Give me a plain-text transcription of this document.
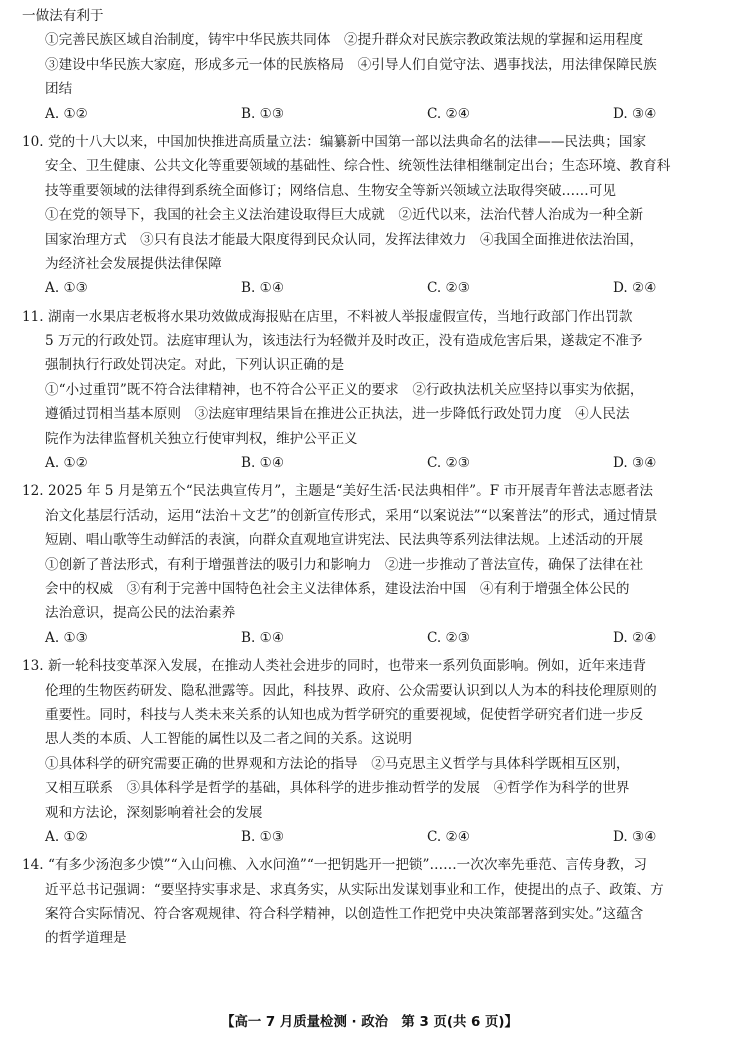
一做法有利于
①完善民族区域自治制度，铸牢中华民族共同体　②提升群众对民族宗教政策法规的掌握和运用程度
③建设中华民族大家庭，形成多元一体的民族格局　④引导人们自觉守法、遇事找法，用法律保障民族
团结
A. ①②	B. ①③	C. ②④	D. ③④
10. 党的十八大以来，中国加快推进高质量立法：编纂新中国第一部以法典命名的法律——民法典；国家
安全、卫生健康、公共文化等重要领域的基础性、综合性、统领性法律相继制定出台；生态环境、教育科
技等重要领域的法律得到系统全面修订；网络信息、生物安全等新兴领域立法取得突破……可见
①在党的领导下，我国的社会主义法治建设取得巨大成就　②近代以来，法治代替人治成为一种全新
国家治理方式　③只有良法才能最大限度得到民众认同，发挥法律效力　④我国全面推进依法治国，
为经济社会发展提供法律保障
A. ①③	B. ①④	C. ②③	D. ②④
11. 湖南一水果店老板将水果功效做成海报贴在店里，不料被人举报虚假宣传，当地行政部门作出罚款
5 万元的行政处罚。法庭审理认为，该违法行为轻微并及时改正，没有造成危害后果，遂裁定不准予
强制执行行政处罚决定。对此，下列认识正确的是
①“小过重罚”既不符合法律精神，也不符合公平正义的要求　②行政执法机关应坚持以事实为依据，
遵循过罚相当基本原则　③法庭审理结果旨在推进公正执法，进一步降低行政处罚力度　④人民法
院作为法律监督机关独立行使审判权，维护公平正义
A. ①②	B. ①④	C. ②③	D. ③④
12. 2025 年 5 月是第五个“民法典宣传月”，主题是“美好生活·民法典相伴”。F 市开展青年普法志愿者法
治文化基层行活动，运用“法治＋文艺”的创新宣传形式，采用“以案说法”“以案普法”的形式，通过情景
短剧、唱山歌等生动鲜活的表演，向群众直观地宣讲宪法、民法典等系列法律法规。上述活动的开展
①创新了普法形式，有利于增强普法的吸引力和影响力　②进一步推动了普法宣传，确保了法律在社
会中的权威　③有利于完善中国特色社会主义法律体系，建设法治中国　④有利于增强全体公民的
法治意识，提高公民的法治素养
A. ①③	B. ①④	C. ②③	D. ②④
13. 新一轮科技变革深入发展，在推动人类社会进步的同时，也带来一系列负面影响。例如，近年来违背
伦理的生物医药研发、隐私泄露等。因此，科技界、政府、公众需要认识到以人为本的科技伦理原则的
重要性。同时，科技与人类未来关系的认知也成为哲学研究的重要视域，促使哲学研究者们进一步反
思人类的本质、人工智能的属性以及二者之间的关系。这说明
①具体科学的研究需要正确的世界观和方法论的指导　②马克思主义哲学与具体科学既相互区别，
又相互联系　③具体科学是哲学的基础，具体科学的进步推动哲学的发展　④哲学作为科学的世界
观和方法论，深刻影响着社会的发展
A. ①②	B. ①③	C. ②④	D. ③④
14. “有多少汤泡多少馍”“入山问樵、入水问渔”“一把钥匙开一把锁”……一次次率先垂范、言传身教，习
近平总书记强调：“要坚持实事求是、求真务实，从实际出发谋划事业和工作，使提出的点子、政策、方
案符合实际情况、符合客观规律、符合科学精神，以创造性工作把党中央决策部署落到实处。”这蕴含
的哲学道理是
【高一 7 月质量检测 · 政治　第 3 页(共 6 页)】
